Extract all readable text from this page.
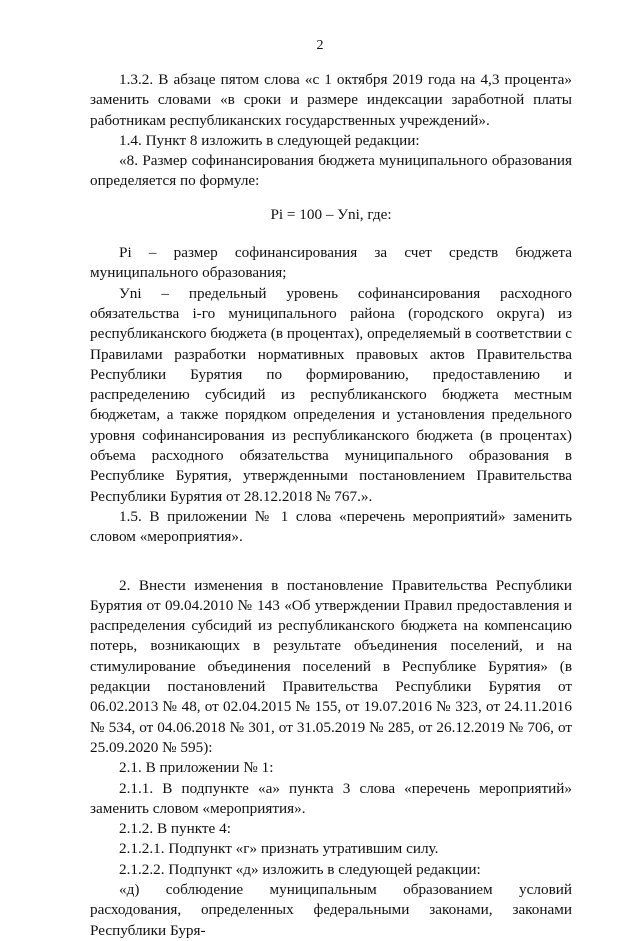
2

1.3.2. В абзаце пятом слова «с 1 октября 2019 года на 4,3 процента» заменить словами «в сроки и размере индексации заработной платы работникам республиканских государственных учреждений».

1.4. Пункт 8 изложить в следующей редакции:

«8. Размер софинансирования бюджета муниципального образования определяется по формуле:

Pi = 100 – Уni, где:

Pi – размер софинансирования за счет средств бюджета муниципального образования;

Уni – предельный уровень софинансирования расходного обязательства i-го муниципального района (городского округа) из республиканского бюджета (в процентах), определяемый в соответствии с Правилами разработки нормативных правовых актов Правительства Республики Бурятия по формированию, предоставлению и распределению субсидий из республиканского бюджета местным бюджетам, а также порядком определения и установления предельного уровня софинансирования из республиканского бюджета (в процентах) объема расходного обязательства муниципального образования в Республике Бурятия, утвержденными постановлением Правительства Республики Бурятия от 28.12.2018 № 767.».

1.5. В приложении № 1 слова «перечень мероприятий» заменить словом «мероприятия».

2. Внести изменения в постановление Правительства Республики Бурятия от 09.04.2010 № 143 «Об утверждении Правил предоставления и распределения субсидий из республиканского бюджета на компенсацию потерь, возникающих в результате объединения поселений, и на стимулирование объединения поселений в Республике Бурятия» (в редакции постановлений Правительства Республики Бурятия от 06.02.2013 № 48, от 02.04.2015 № 155, от 19.07.2016 № 323, от 24.11.2016 № 534, от 04.06.2018 № 301, от 31.05.2019 № 285, от 26.12.2019 № 706, от 25.09.2020 № 595):

2.1. В приложении № 1:

2.1.1. В подпункте «а» пункта 3 слова «перечень мероприятий» заменить словом «мероприятия».

2.1.2. В пункте 4:

2.1.2.1. Подпункт «г» признать утратившим силу.

2.1.2.2. Подпункт «д» изложить в следующей редакции:

«д) соблюдение муниципальным образованием условий расходования, определенных федеральными законами, законами Республики Буря-
